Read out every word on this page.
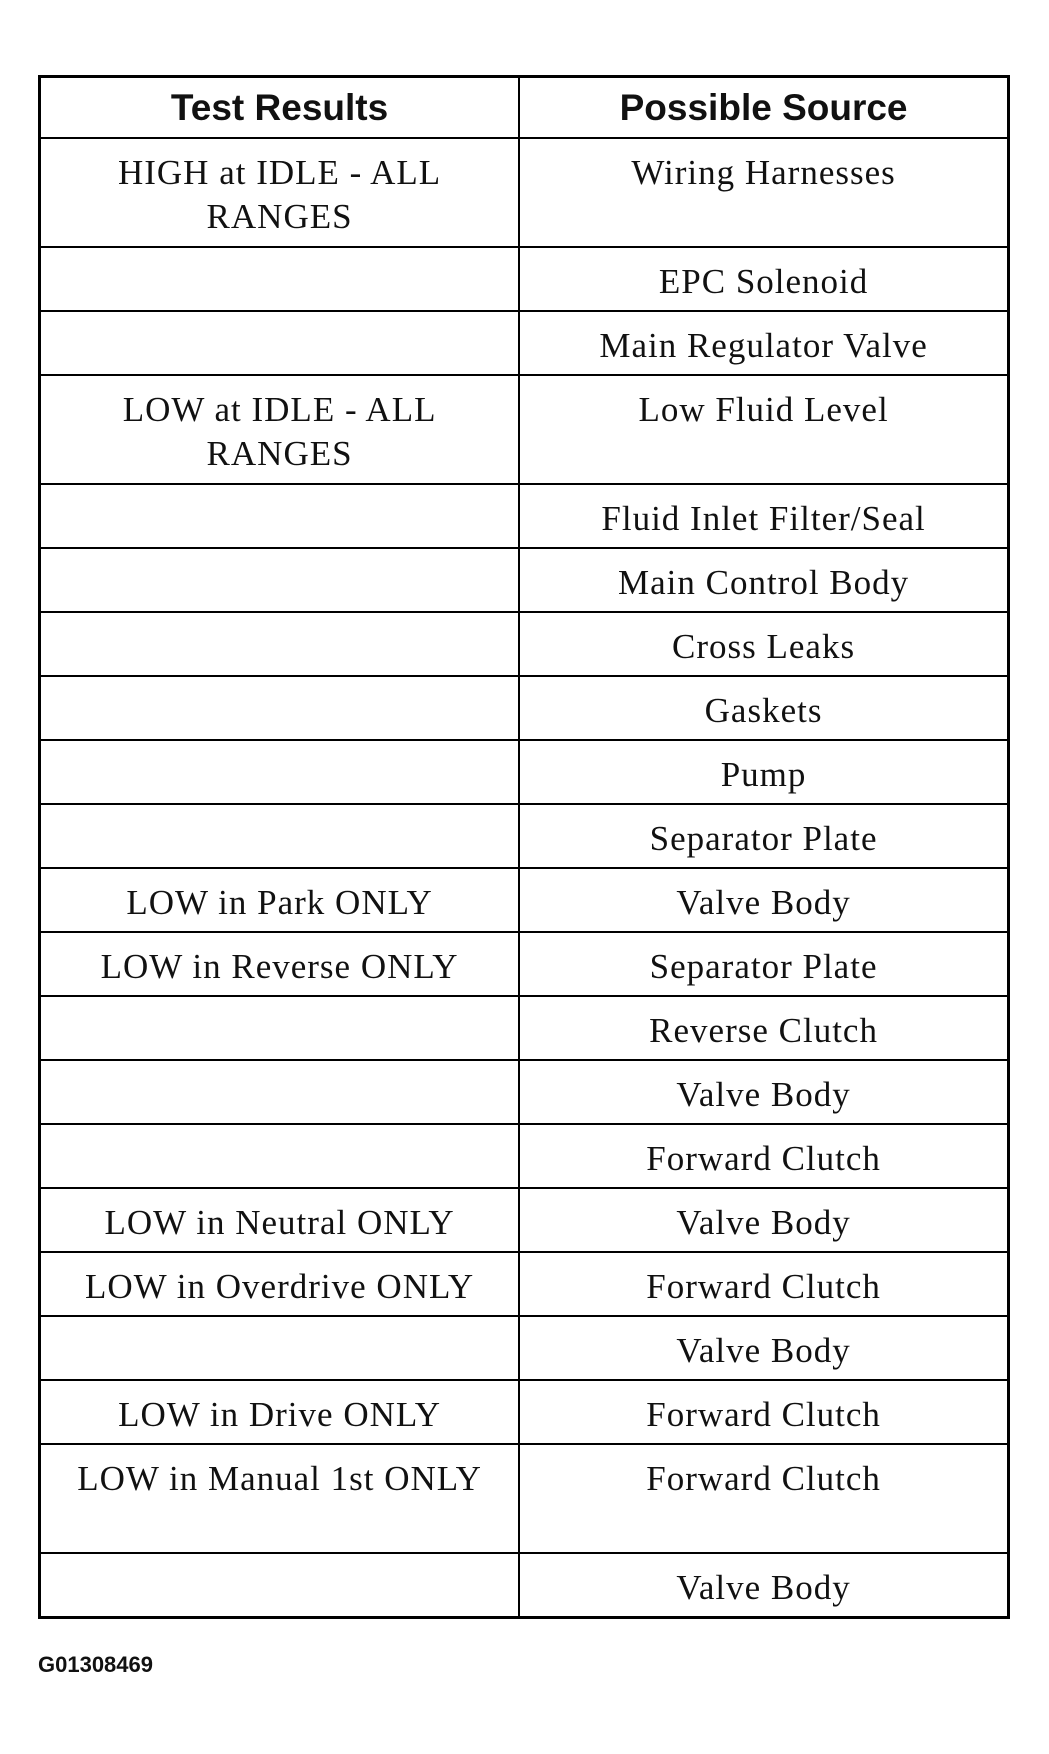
Test Results	Possible Source
HIGH at IDLE - ALL RANGES	Wiring Harnesses
	EPC Solenoid
	Main Regulator Valve
LOW at IDLE - ALL RANGES	Low Fluid Level
	Fluid Inlet Filter/Seal
	Main Control Body
	Cross Leaks
	Gaskets
	Pump
	Separator Plate
LOW in Park ONLY	Valve Body
LOW in Reverse ONLY	Separator Plate
	Reverse Clutch
	Valve Body
	Forward Clutch
LOW in Neutral ONLY	Valve Body
LOW in Overdrive ONLY	Forward Clutch
	Valve Body
LOW in Drive ONLY	Forward Clutch
LOW in Manual 1st ONLY	Forward Clutch
	Valve Body
G01308469
